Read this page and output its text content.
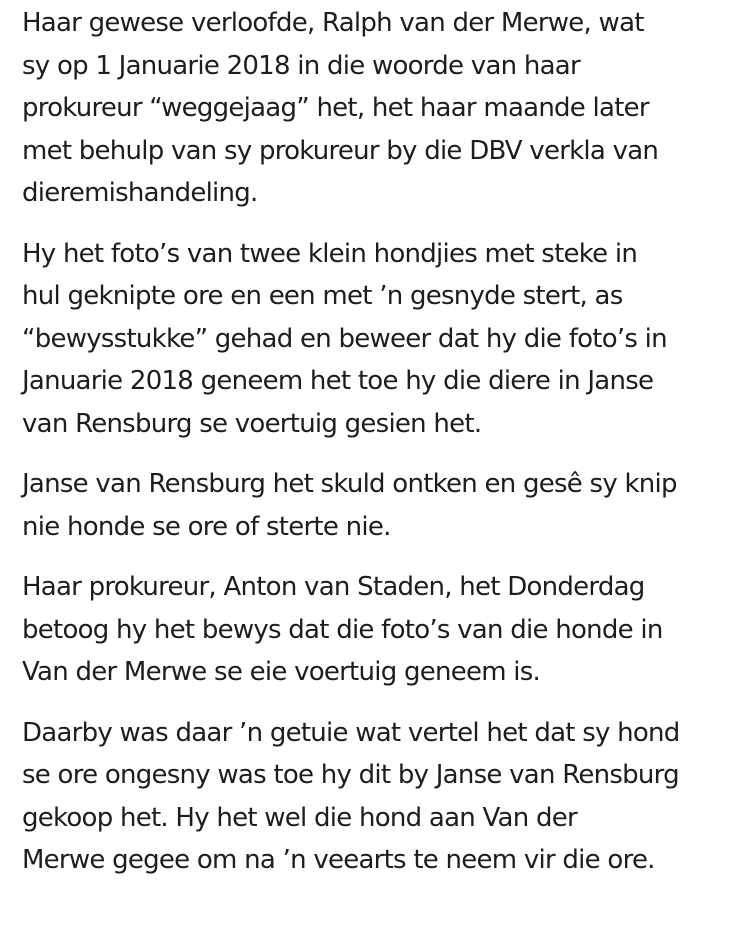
Haar gewese verloofde, Ralph van der Merwe, wat
sy op 1 Januarie 2018 in die woorde van haar
prokureur “weggejaag” het, het haar maande later
met behulp van sy prokureur by die DBV verkla van
dieremishandeling.

Hy het foto’s van twee klein hondjies met steke in
hul geknipte ore en een met ’n gesnyde stert, as
“bewysstukke” gehad en beweer dat hy die foto’s in
Januarie 2018 geneem het toe hy die diere in Janse
van Rensburg se voertuig gesien het.

Janse van Rensburg het skuld ontken en gesê sy knip
nie honde se ore of sterte nie.

Haar prokureur, Anton van Staden, het Donderdag
betoog hy het bewys dat die foto’s van die honde in
Van der Merwe se eie voertuig geneem is.

Daarby was daar ’n getuie wat vertel het dat sy hond
se ore ongesny was toe hy dit by Janse van Rensburg
gekoop het. Hy het wel die hond aan Van der
Merwe gegee om na ’n veearts te neem vir die ore.
